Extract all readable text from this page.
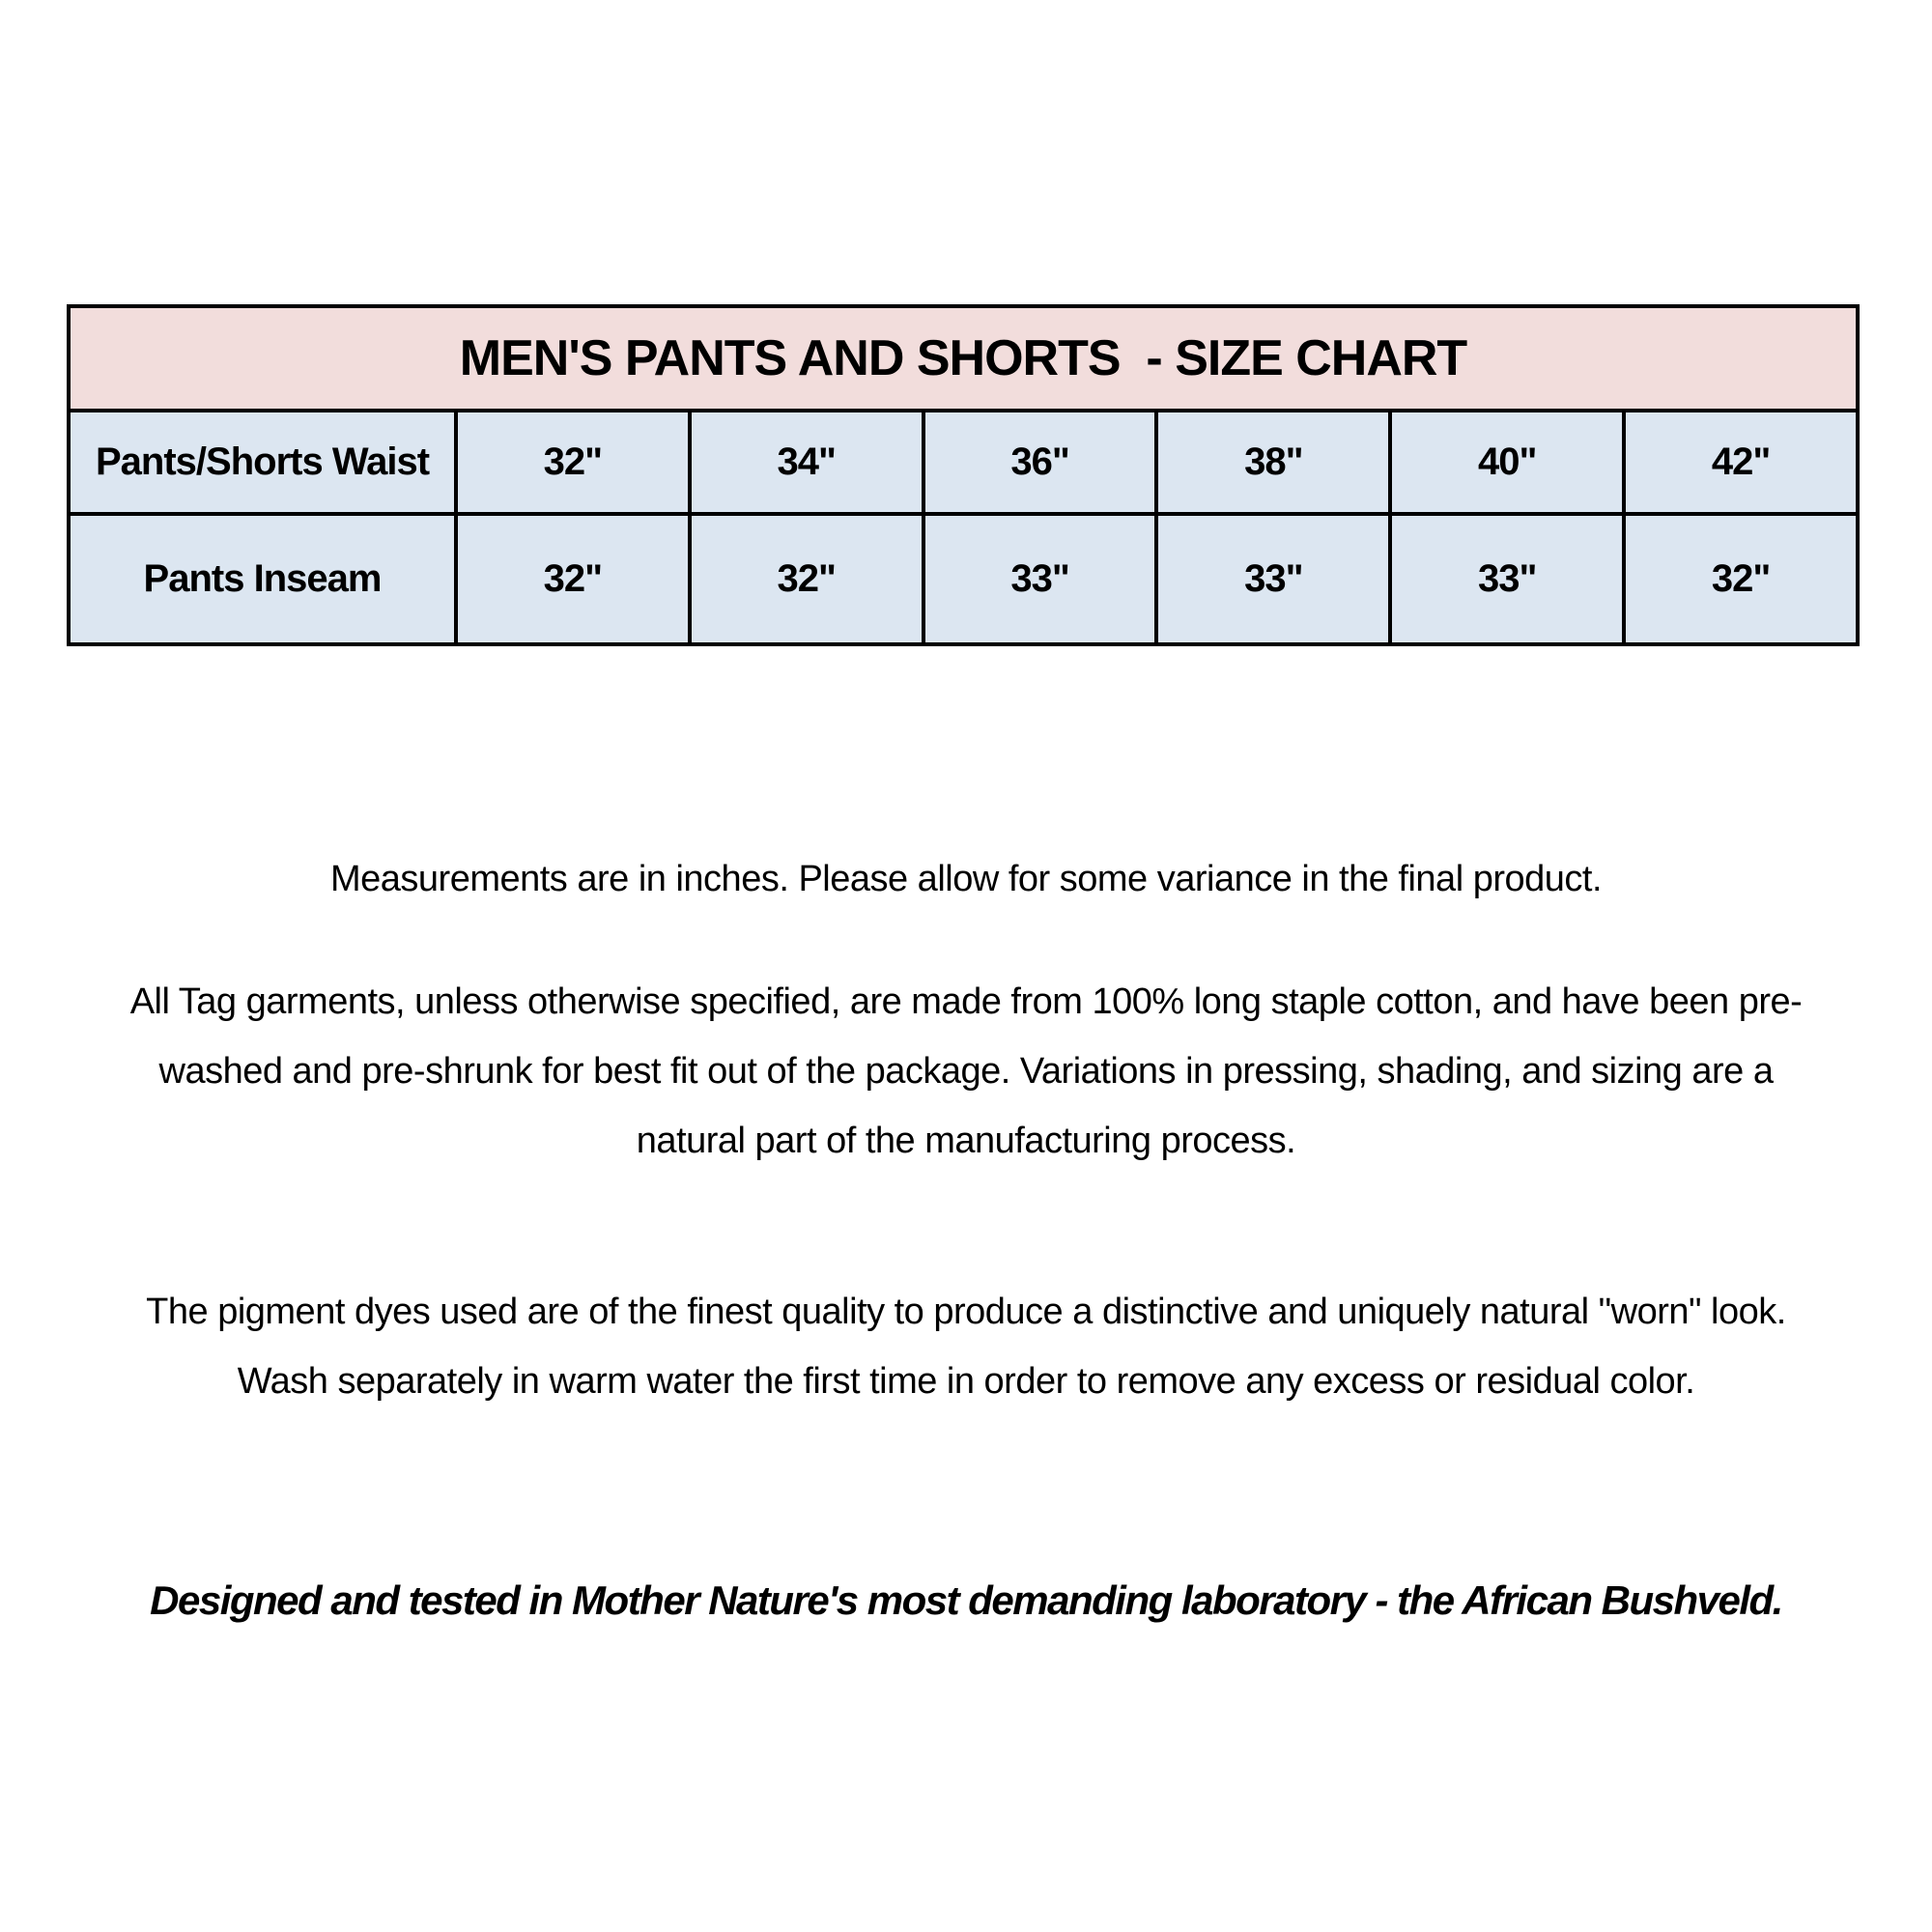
MEN'S PANTS AND SHORTS  - SIZE CHART						
Pants/Shorts Waist	32"	34"	36"	38"	40"	42"
Pants Inseam	32"	32"	33"	33"	33"	32"
Measurements are in inches. Please allow for some variance in the final product.
All Tag garments, unless otherwise specified, are made from 100% long staple cotton, and have been pre-
washed and pre-shrunk for best fit out of the package. Variations in pressing, shading, and sizing are a
natural part of the manufacturing process.
The pigment dyes used are of the finest quality to produce a distinctive and uniquely natural "worn" look.
Wash separately in warm water the first time in order to remove any excess or residual color.
Designed and tested in Mother Nature's most demanding laboratory - the African Bushveld.
